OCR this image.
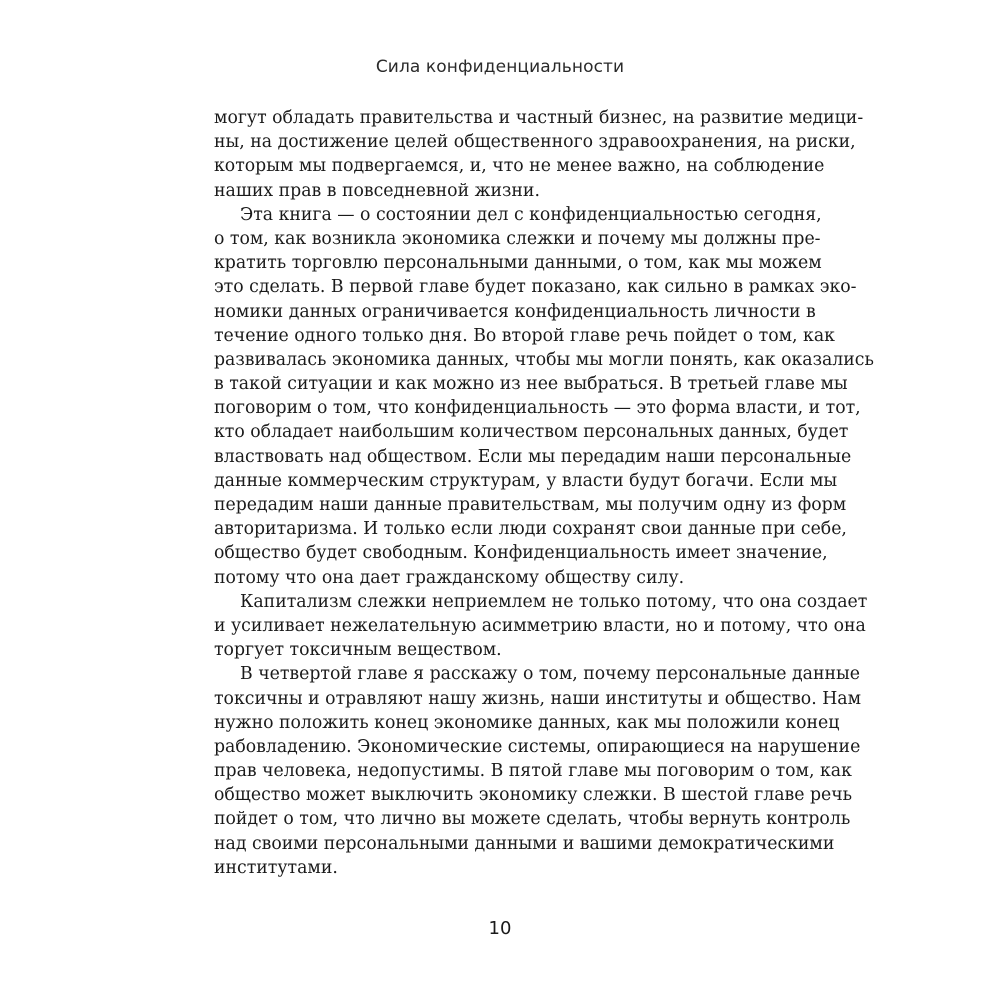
Сила конфиденциальности

могут обладать правительства и частный бизнес, на развитие медици-
ны, на достижение целей общественного здравоохранения, на риски,
которым мы подвергаемся, и, что не менее важно, на соблюдение
наших прав в повседневной жизни.

Эта книга — о состоянии дел с конфиденциальностью сегодня,
о том, как возникла экономика слежки и почему мы должны пре-
кратить торговлю персональными данными, о том, как мы можем
это сделать. В первой главе будет показано, как сильно в рамках эко-
номики данных ограничивается конфиденциальность личности в
течение одного только дня. Во второй главе речь пойдет о том, как
развивалась экономика данных, чтобы мы могли понять, как оказались
в такой ситуации и как можно из нее выбраться. В третьей главе мы
поговорим о том, что конфиденциальность — это форма власти, и тот,
кто обладает наибольшим количеством персональных данных, будет
властвовать над обществом. Если мы передадим наши персональные
данные коммерческим структурам, у власти будут богачи. Если мы
передадим наши данные правительствам, мы получим одну из форм
авторитаризма. И только если люди сохранят свои данные при себе,
общество будет свободным. Конфиденциальность имеет значение,
потому что она дает гражданскому обществу силу.

Капитализм слежки неприемлем не только потому, что она создает
и усиливает нежелательную асимметрию власти, но и потому, что она
торгует токсичным веществом.

В четвертой главе я расскажу о том, почему персональные данные
токсичны и отравляют нашу жизнь, наши институты и общество. Нам
нужно положить конец экономике данных, как мы положили конец
рабовладению. Экономические системы, опирающиеся на нарушение
прав человека, недопустимы. В пятой главе мы поговорим о том, как
общество может выключить экономику слежки. В шестой главе речь
пойдет о том, что лично вы можете сделать, чтобы вернуть контроль
над своими персональными данными и вашими демократическими
институтами.

10
